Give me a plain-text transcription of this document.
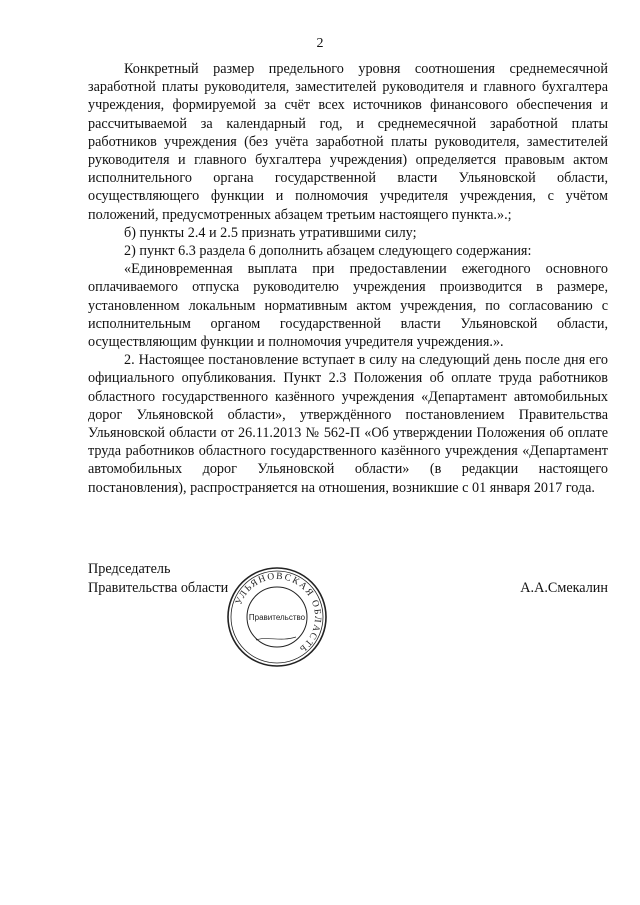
2

Конкретный размер предельного уровня соотношения среднемесячной заработной платы руководителя, заместителей руководителя и главного бухгалтера учреждения, формируемой за счёт всех источников финансового обеспечения и рассчитываемой за календарный год, и среднемесячной заработной платы работников учреждения (без учёта заработной платы руководителя, заместителей руководителя и главного бухгалтера учреждения) определяется правовым актом исполнительного органа государственной власти Ульяновской области, осуществляющего функции и полномочия учредителя учреждения, с учётом положений, предусмотренных абзацем третьим настоящего пункта.».;

б) пункты 2.4 и 2.5 признать утратившими силу;

2) пункт 6.3 раздела 6 дополнить абзацем следующего содержания:

«Единовременная выплата при предоставлении ежегодного основного оплачиваемого отпуска руководителю учреждения производится в размере, установленном локальным нормативным актом учреждения, по согласованию с исполнительным органом государственной власти Ульяновской области, осуществляющим функции и полномочия учредителя учреждения.».

2. Настоящее постановление вступает в силу на следующий день после дня его официального опубликования. Пункт 2.3 Положения об оплате труда работников областного государственного казённого учреждения «Департамент автомобильных дорог Ульяновской области», утверждённого постановлением Правительства Ульяновской области от 26.11.2013 № 562-П «Об утверждении Положения об оплате труда работников областного государственного казённого учреждения «Департамент автомобильных дорог Ульяновской области» (в редакции настоящего постановления), распространяется на отношения, возникшие с 01 января 2017 года.

Председатель
Правительства области
УЛЬЯНОВСКАЯ ОБЛАСТЬ
Правительство
А.А.Смекалин
